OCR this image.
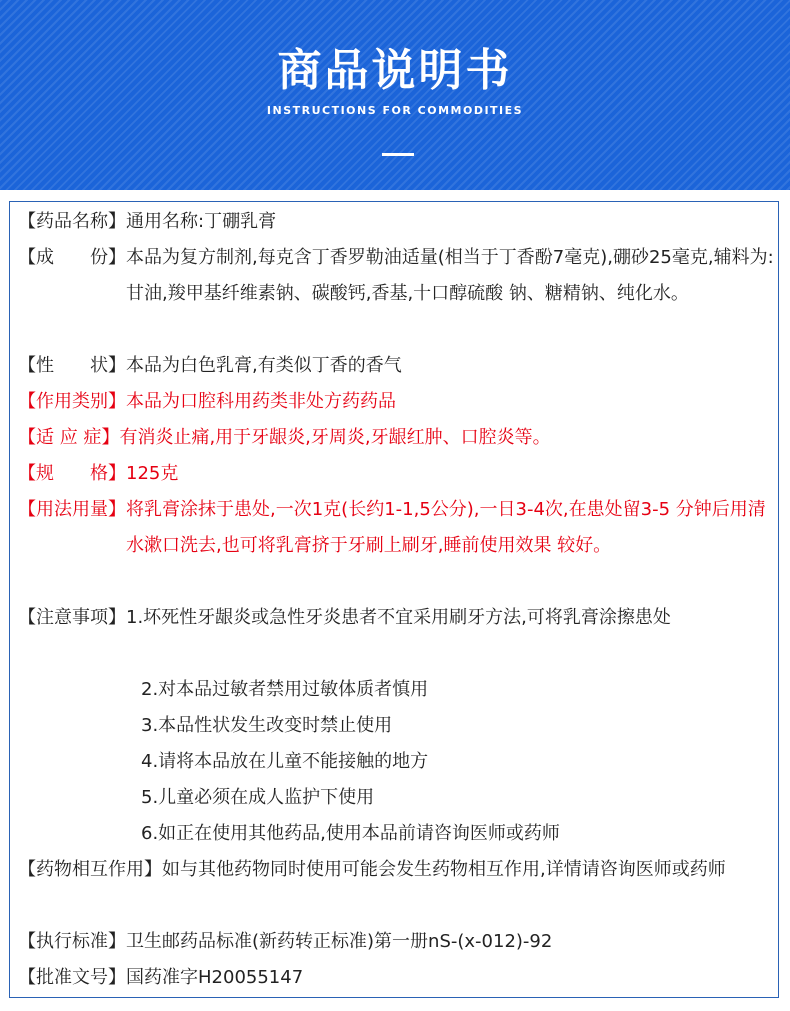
商品说明书
INSTRUCTIONS FOR COMMODITIES
【药品名称】 通用名称:丁硼乳膏
【成　　份】 本品为复方制剂,每克含丁香罗勒油适量(相当于丁香酚7毫克),硼砂25毫克,辅料为:甘油,羧甲基纤维素钠、碳酸钙,香基,十口醇硫酸 钠、糖精钠、纯化水。
【性　　状】 本品为白色乳膏,有类似丁香的香气
【作用类别】 本品为口腔科用药类非处方药药品
【适 应 症】 有消炎止痛,用于牙龈炎,牙周炎,牙龈红肿、口腔炎等。
【规　　格】 125克
【用法用量】 将乳膏涂抹于患处,一次1克(长约1-1,5公分),一日3-4次,在患处留3-5 分钟后用清水漱口洗去,也可将乳膏挤于牙刷上刷牙,睡前使用效果 较好。
【注意事项】 1.坏死性牙龈炎或急性牙炎患者不宜采用刷牙方法,可将乳膏涂擦患处
2.对本品过敏者禁用过敏体质者慎用
3.本品性状发生改变时禁止使用
4.请将本品放在儿童不能接触的地方
5.儿童必须在成人监护下使用
6.如正在使用其他药品,使用本品前请咨询医师或药师
【药物相互作用】 如与其他药物同时使用可能会发生药物相互作用,详情请咨询医师或药师
【执行标准】 卫生邮药品标准(新药转正标准)第一册nS-(x-012)-92
【批准文号】 国药准字H20055147
